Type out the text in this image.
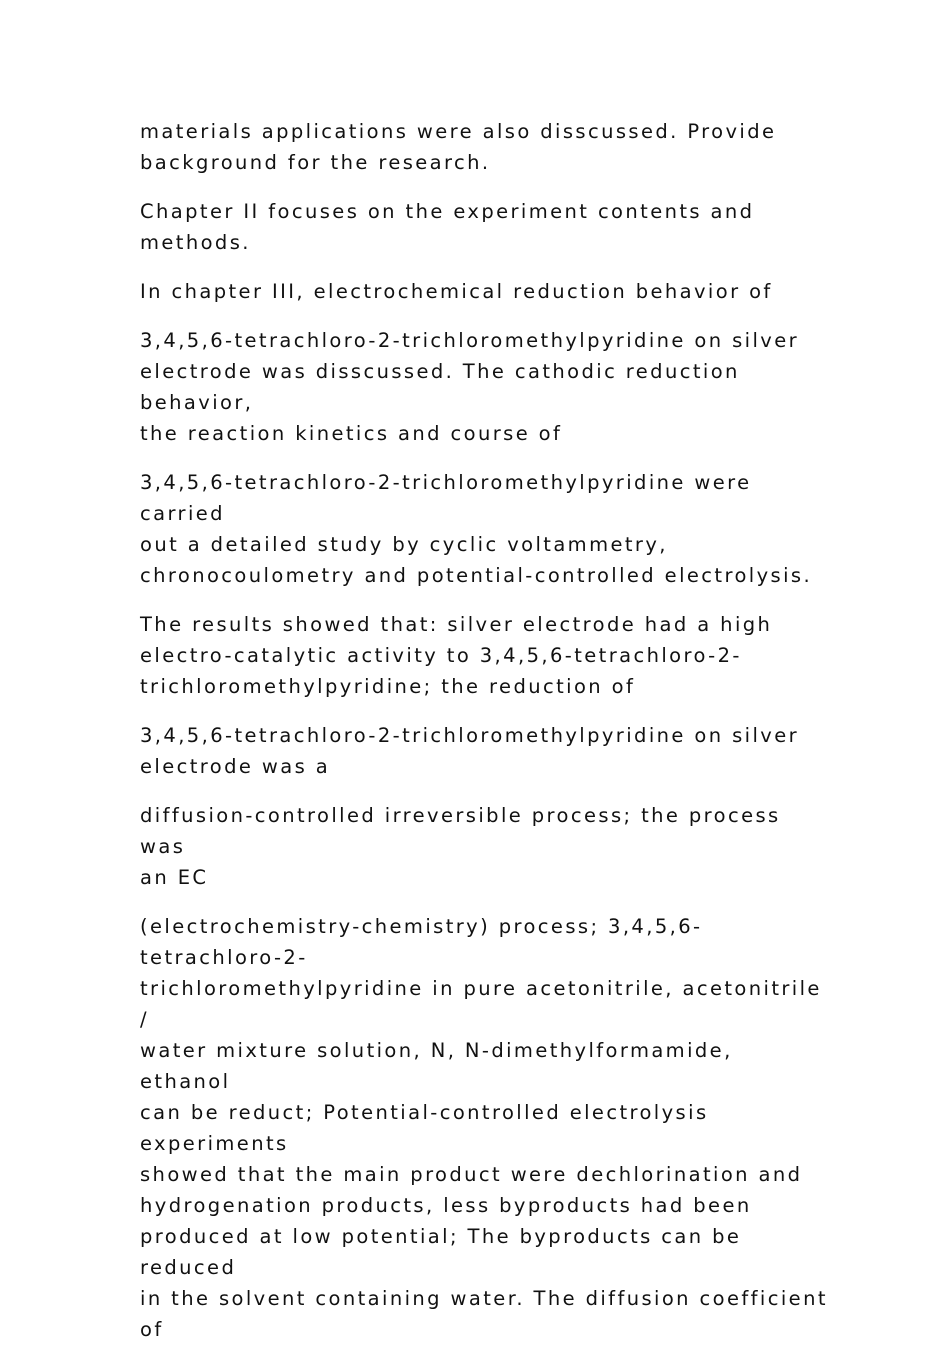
materials applications were also disscussed. Provide
background for the research.

Chapter II focuses on the experiment contents and
methods.

In chapter III, electrochemical reduction behavior of

3,4,5,6-tetrachloro-2-trichloromethylpyridine on silver
electrode was disscussed. The cathodic reduction behavior,
the reaction kinetics and course of

3,4,5,6-tetrachloro-2-trichloromethylpyridine were carried
out a detailed study by cyclic voltammetry,
chronocoulometry and potential-controlled electrolysis.

The results showed that: silver electrode had a high
electro-catalytic activity to 3,4,5,6-tetrachloro-2-
trichloromethylpyridine; the reduction of

3,4,5,6-tetrachloro-2-trichloromethylpyridine on silver
electrode was a

diffusion-controlled irreversible process; the process was
an EC

(electrochemistry-chemistry) process; 3,4,5,6-tetrachloro-2-
trichloromethylpyridine in pure acetonitrile, acetonitrile /
water mixture solution, N, N-dimethylformamide, ethanol
can be reduct; Potential-controlled electrolysis experiments
showed that the main product were dechlorination and
hydrogenation products, less byproducts had been
produced at low potential; The byproducts can be reduced
in the solvent containing water. The diffusion coefficient of
